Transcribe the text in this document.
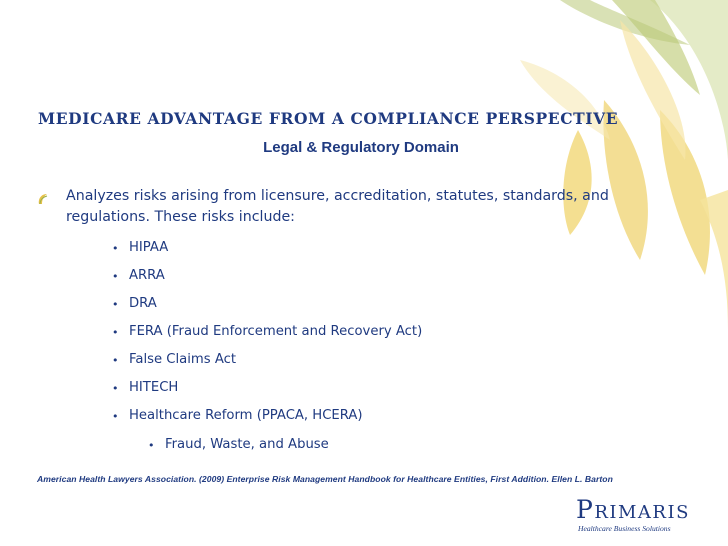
MEDICARE ADVANTAGE FROM A COMPLIANCE PERSPECTIVE
Legal & Regulatory Domain
Analyzes risks arising from licensure, accreditation, statutes, standards, and regulations. These risks include:
• HIPAA
• ARRA
• DRA
• FERA (Fraud Enforcement and Recovery Act)
• False Claims Act
• HITECH
• Healthcare Reform (PPACA, HCERA)
• Fraud, Waste, and Abuse
American Health Lawyers Association. (2009) Enterprise Risk Management Handbook for Healthcare Entities, First Addition. Ellen L. Barton
PRIMARIS
Healthcare Business Solutions
